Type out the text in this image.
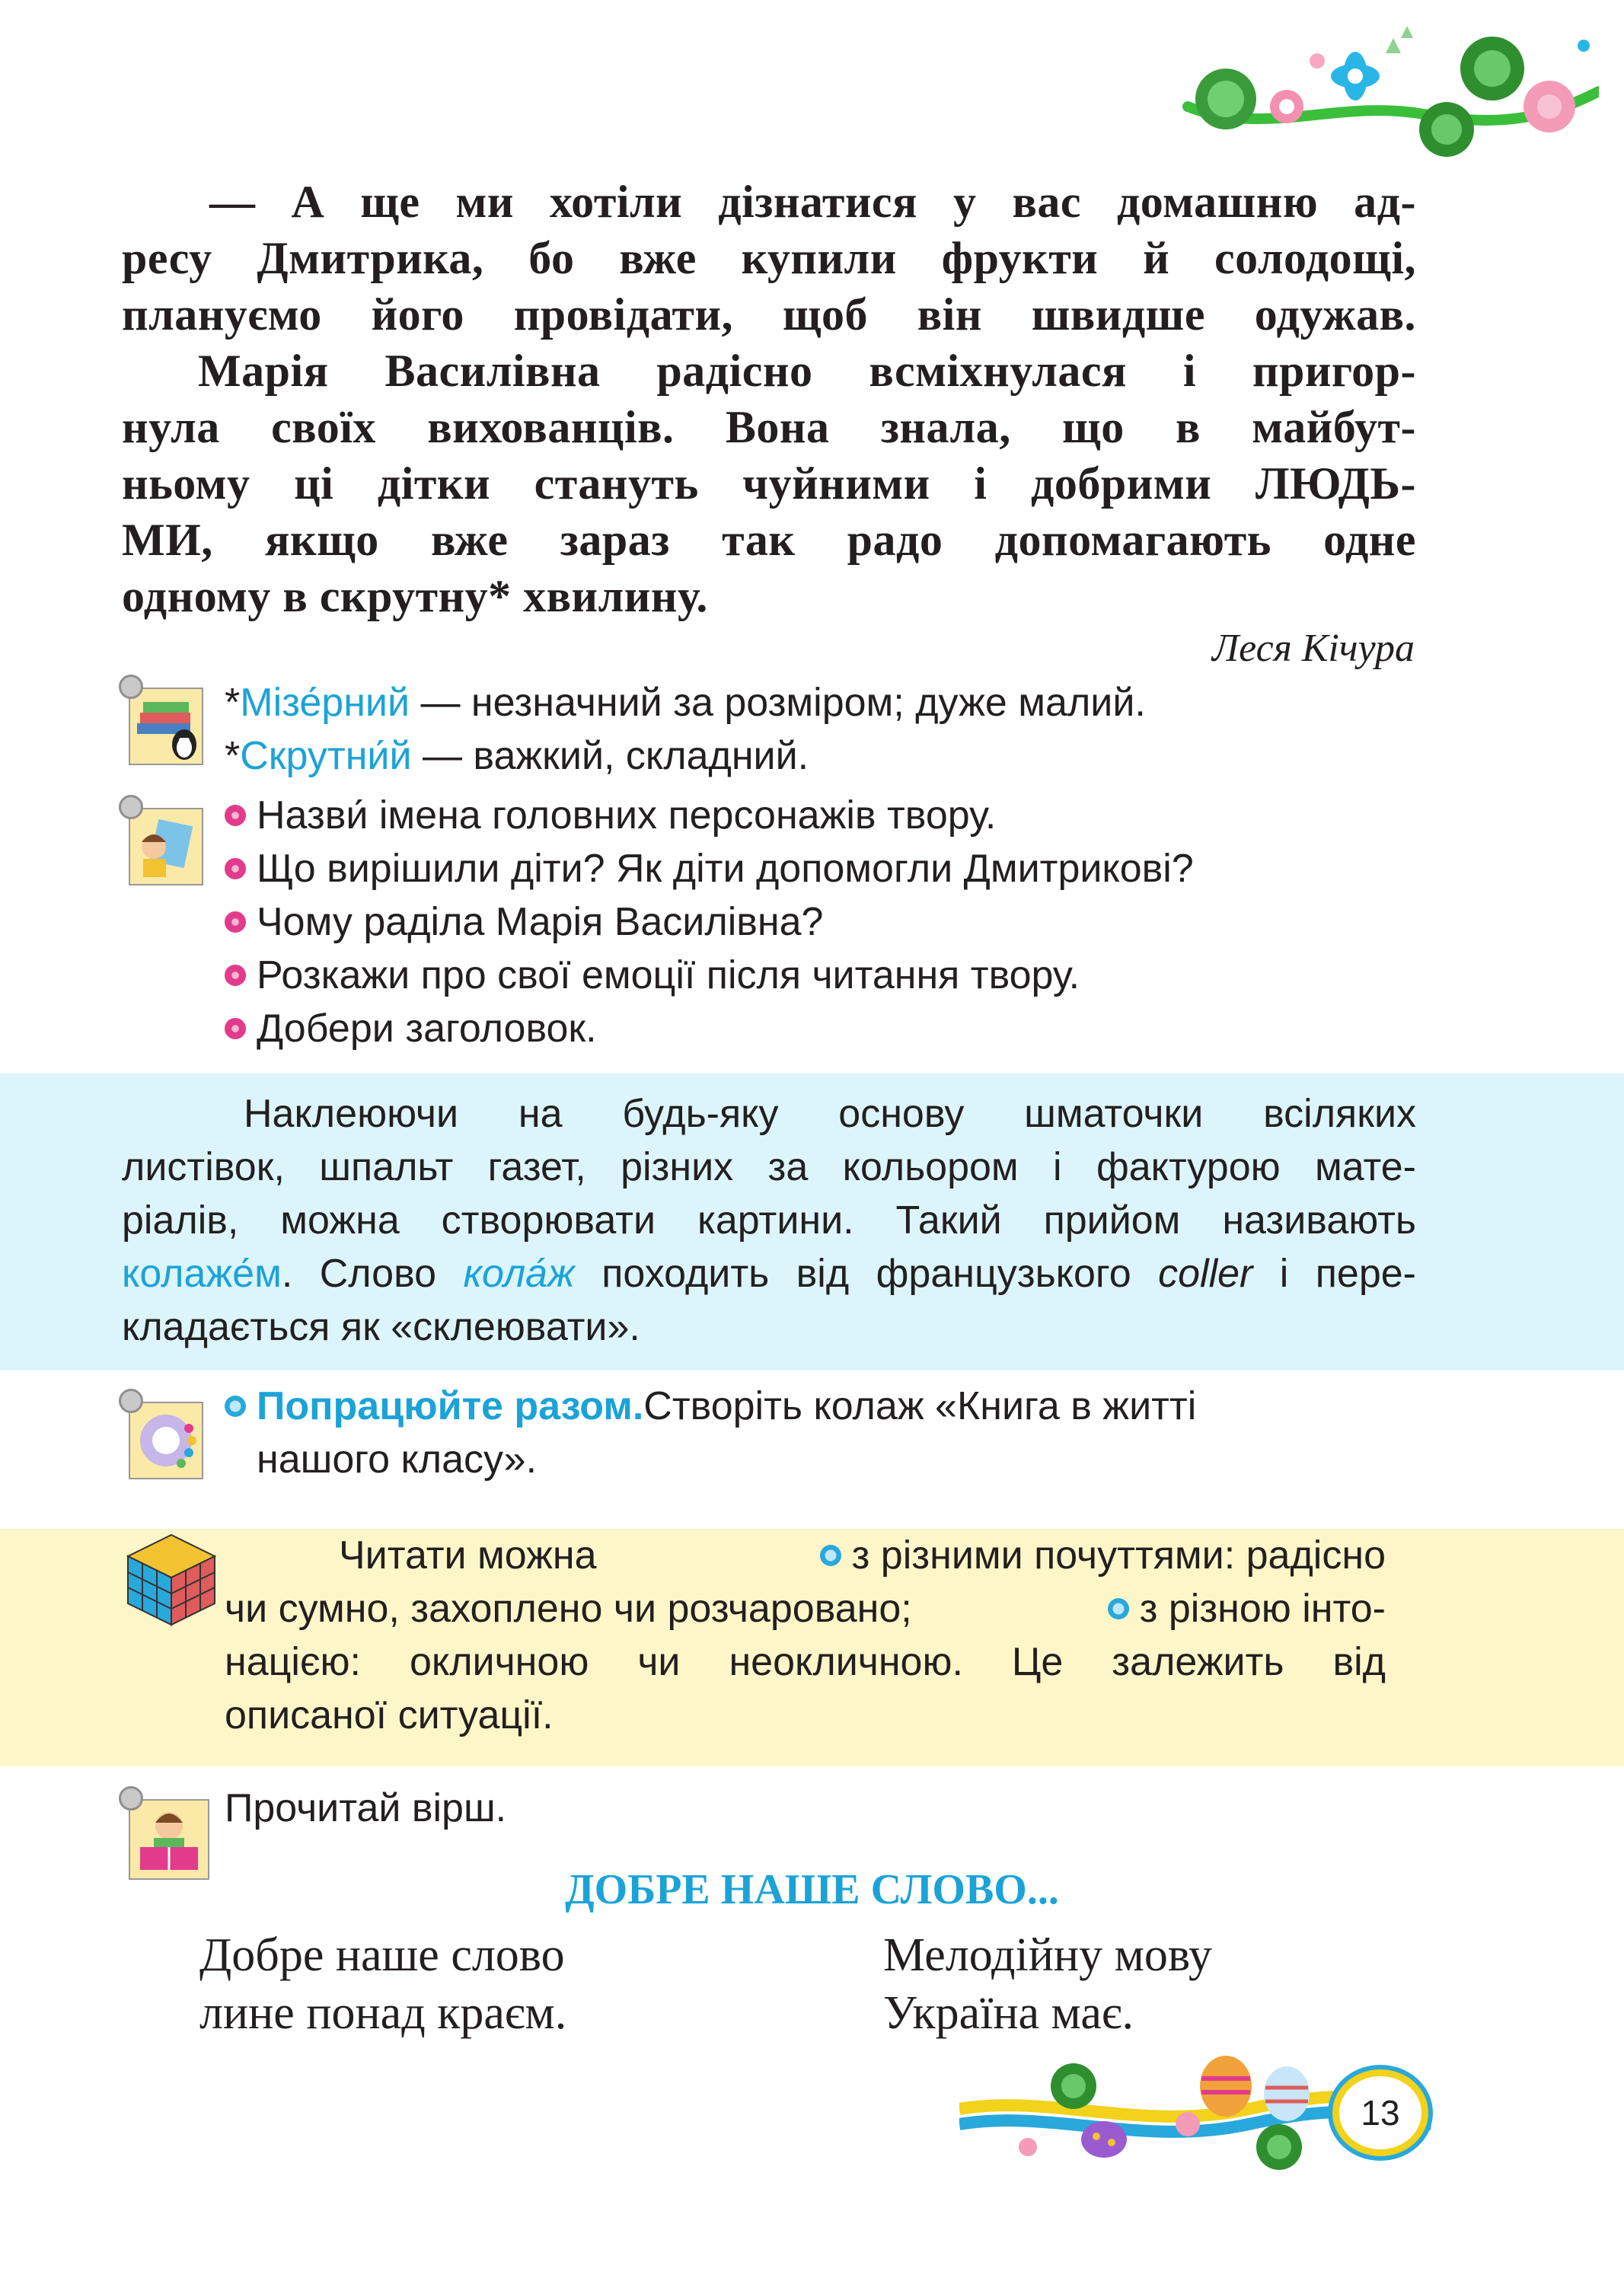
— А ще ми хотіли дізнатися у вас домашню ад-
ресу Дмитрика, бо вже купили фрукти й солодощі,
плануємо його провідати, щоб він швидше одужав.
Марія Василівна радісно всміхнулася і пригор-
нула своїх вихованців. Вона знала, що в майбут-
ньому ці дітки стануть чуйними і добрими ЛЮДЬ-
МИ, якщо вже зараз так радо допомагають одне
одному в скрутну* хвилину.
Леся Кічура
*Мізе́рний — незначний за розміром; дуже малий.
*Скрутни́й — важкий, складний.
Назви́ імена головних персонажів твору.
Що вирішили діти? Як діти допомогли Дмитрикові?
Чому раділа Марія Василівна?
Розкажи про свої емоції після читання твору.
Добери заголовок.
Наклеюючи на будь-яку основу шматочки всіляких
листівок, шпальт газет, різних за кольором і фактурою мате-
ріалів, можна створювати картини. Такий прийом називають
колаже́м. Слово кола́ж походить від французького coller і пере-
кладається як «склеювати».
Попрацюйте разом. Створіть колаж «Книга в житті
нашого класу».
Читати можна	з різними почуттями: радісно
чи сумно, захоплено чи розчаровано;	з різною інто-
нацією: окличною чи неокличною. Це залежить від
описаної ситуації.
Прочитай вірш.
ДОБРЕ НАШЕ СЛОВО...
Добре наше слово
лине понад краєм.
Мелодійну мову
Україна має.
13
